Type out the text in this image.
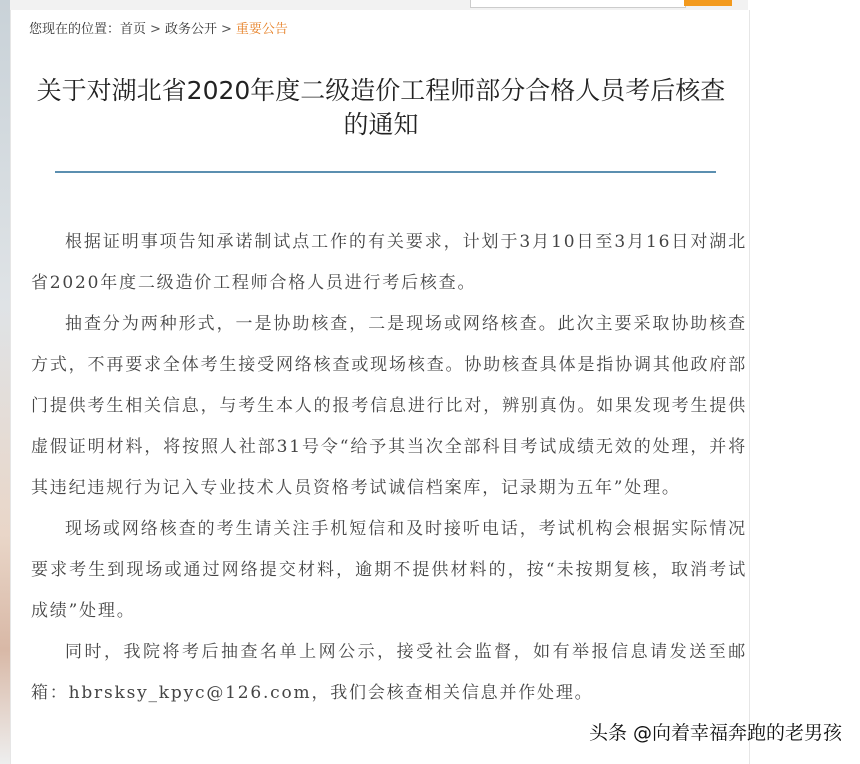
您现在的位置：首页 > 政务公开 > 重要公告
关于对湖北省2020年度二级造价工程师部分合格人员考后核查的通知

根据证明事项告知承诺制试点工作的有关要求，计划于3月10日至3月16日对湖北省2020年度二级造价工程师合格人员进行考后核查。

抽查分为两种形式，一是协助核查，二是现场或网络核查。此次主要采取协助核查方式，不再要求全体考生接受网络核查或现场核查。协助核查具体是指协调其他政府部门提供考生相关信息，与考生本人的报考信息进行比对，辨别真伪。如果发现考生提供虚假证明材料，将按照人社部31号令“给予其当次全部科目考试成绩无效的处理，并将其违纪违规行为记入专业技术人员资格考试诚信档案库，记录期为五年”处理。

现场或网络核查的考生请关注手机短信和及时接听电话，考试机构会根据实际情况要求考生到现场或通过网络提交材料，逾期不提供材料的，按“未按期复核，取消考试成绩”处理。

同时，我院将考后抽查名单上网公示，接受社会监督，如有举报信息请发送至邮箱：hbrsksy_kpyc@126.com，我们会核查相关信息并作处理。

头条 @向着幸福奔跑的老男孩
